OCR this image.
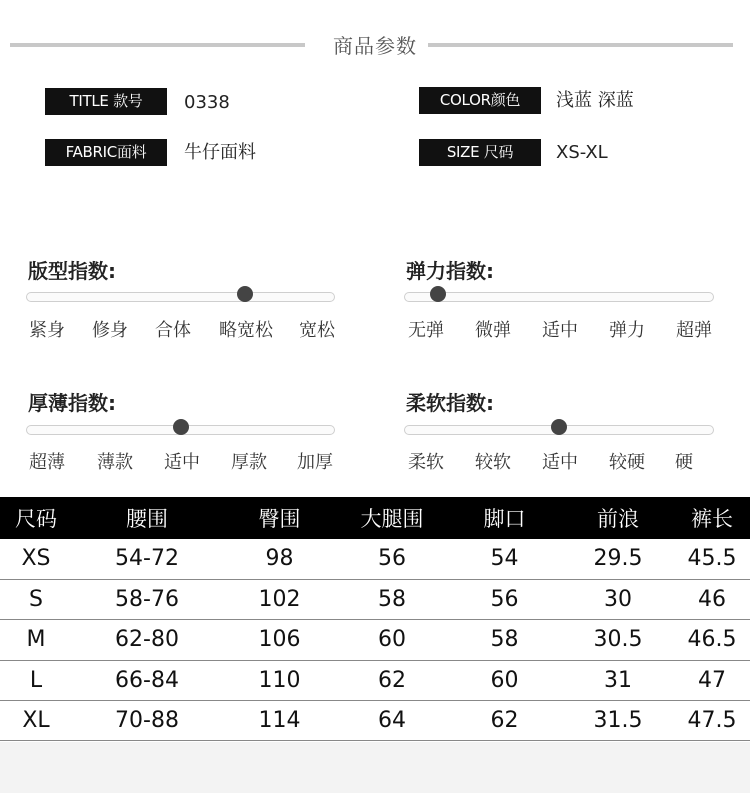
商品参数
TITLE 款号	0338	COLOR颜色	浅蓝 深蓝
FABRIC面料	牛仔面料	SIZE 尺码	XS-XL
版型指数:
紧身	修身	合体	略宽松	宽松
弹力指数:
无弹	微弹	适中	弹力	超弹
厚薄指数:
超薄	薄款	适中	厚款	加厚
柔软指数:
柔软	较软	适中	较硬	硬
尺码	腰围	臀围	大腿围	脚口	前浪	裤长
XS	54-72	98	56	54	29.5	45.5
S	58-76	102	58	56	30	46
M	62-80	106	60	58	30.5	46.5
L	66-84	110	62	60	31	47
XL	70-88	114	64	62	31.5	47.5
